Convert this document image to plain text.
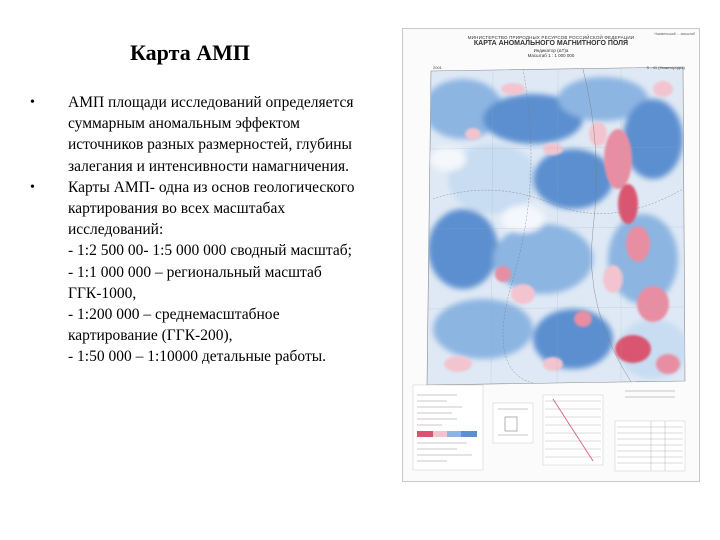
Карта АМП
•	АМП площади исследований определяется суммарным аномальным эффектом источников разных размерностей, глубины залегания и интенсивности намагничения.
•	Карты АМП- одна из основ геологического картирования во всех масштабах исследований:
- 1:2 500 00- 1:5 000 000 сводный масштаб;
- 1:1 000 000 – региональный масштаб ГГК-1000,
- 1:200 000 – среднемасштабное картирование (ГГК-200),
- 1:50 000 – 1:10000 детальные работы.
Наименьший ... масштаб
МИНИСТЕРСТВО ПРИРОДНЫХ РЕСУРСОВ РОССИЙСКОЙ ФЕДЕРАЦИИ
КАРТА АНОМАЛЬНОГО МАГНИТНОГО ПОЛЯ
Индикатор (ΔT)а
Масштаб 1 : 1 000 000
2001	S - 41 (Нижегородск)
